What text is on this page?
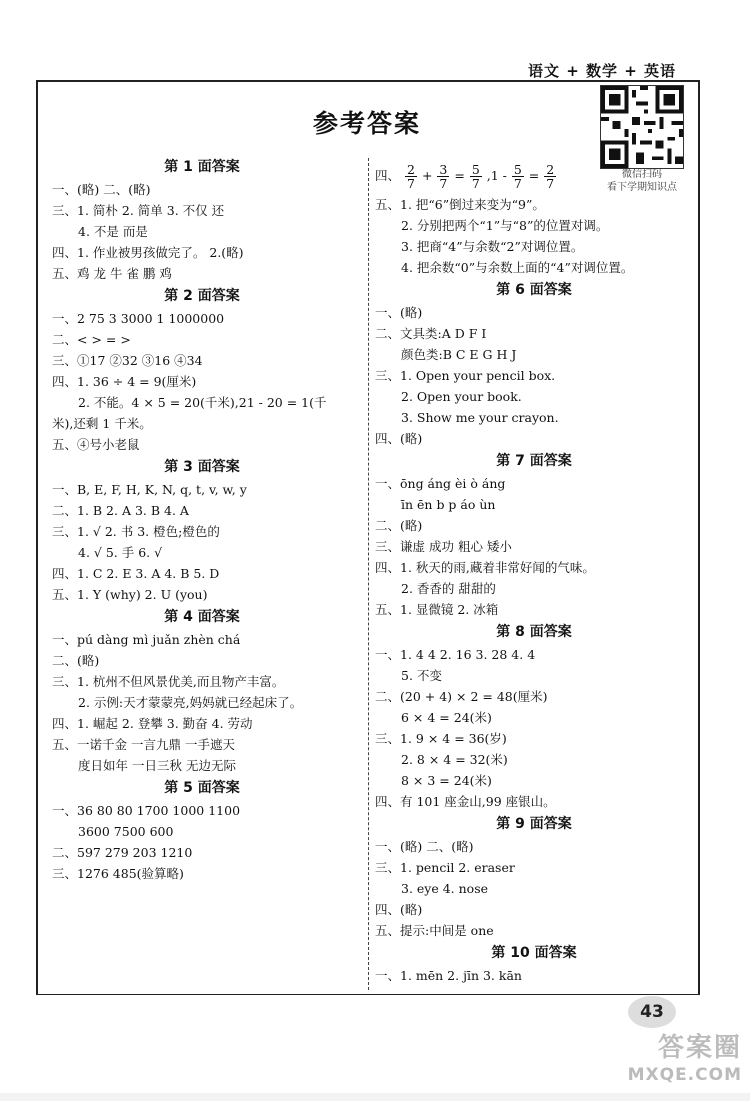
语文 + 数学 + 英语
参考答案
微信扫码
看下学期知识点
第 1 面答案
一、(略) 二、(略)
三、1. 简朴 2. 简单 3. 不仅 还
4. 不是 而是
四、1. 作业被男孩做完了。 2.(略)
五、鸡 龙 牛 雀 鹏 鸡
第 2 面答案
一、2 75 3 3000 1 1000000
二、< > = >
三、①17 ②32 ③16 ④34
四、1. 36 ÷ 4 = 9(厘米)
2. 不能。4 × 5 = 20(千米),21 - 20 = 1(千
米),还剩 1 千米。
五、④号小老鼠
第 3 面答案
一、B, E, F, H, K, N, q, t, v, w, y
二、1. B 2. A 3. B 4. A
三、1. √ 2. 书 3. 橙色;橙色的
4. √ 5. 手 6. √
四、1. C 2. E 3. A 4. B 5. D
五、1. Y (why) 2. U (you)
第 4 面答案
一、pú dàng mì juǎn zhèn chá
二、(略)
三、1. 杭州不但风景优美,而且物产丰富。
2. 示例:天才蒙蒙亮,妈妈就已经起床了。
四、1. 崛起 2. 登攀 3. 勤奋 4. 劳动
五、一诺千金 一言九鼎 一手遮天
度日如年 一日三秋 无边无际
第 5 面答案
一、36 80 80 1700 1000 1100
3600 7500 600
二、597 279 203 1210
三、1276 485(验算略)
四、 $\frac{2}{7} + \frac{3}{7} = \frac{5}{7} ,1 - \frac{5}{7} = \frac{2}{7}$
五、1. 把“6”倒过来变为“9”。
2. 分别把两个“1”与“8”的位置对调。
3. 把商“4”与余数“2”对调位置。
4. 把余数“0”与余数上面的“4”对调位置。
第 6 面答案
一、(略)
二、文具类:A D F I
颜色类:B C E G H J
三、1. Open your pencil box.
2. Open your book.
3. Show me your crayon.
四、(略)
第 7 面答案
一、ōng áng èi ò áng
īn ēn b p áo ùn
二、(略)
三、谦虚 成功 粗心 矮小
四、1. 秋天的雨,藏着非常好闻的气味。
2. 香香的 甜甜的
五、1. 显微镜 2. 冰箱
第 8 面答案
一、1. 4 4 2. 16 3. 28 4. 4
5. 不变
二、(20 + 4) × 2 = 48(厘米)
6 × 4 = 24(米)
三、1. 9 × 4 = 36(岁)
2. 8 × 4 = 32(米)
8 × 3 = 24(米)
四、有 101 座金山,99 座银山。
第 9 面答案
一、(略) 二、(略)
三、1. pencil 2. eraser
3. eye 4. nose
四、(略)
五、提示:中间是 one
第 10 面答案
一、1. mēn 2. jīn 3. kān
43
答案圈
MXQE.COM
